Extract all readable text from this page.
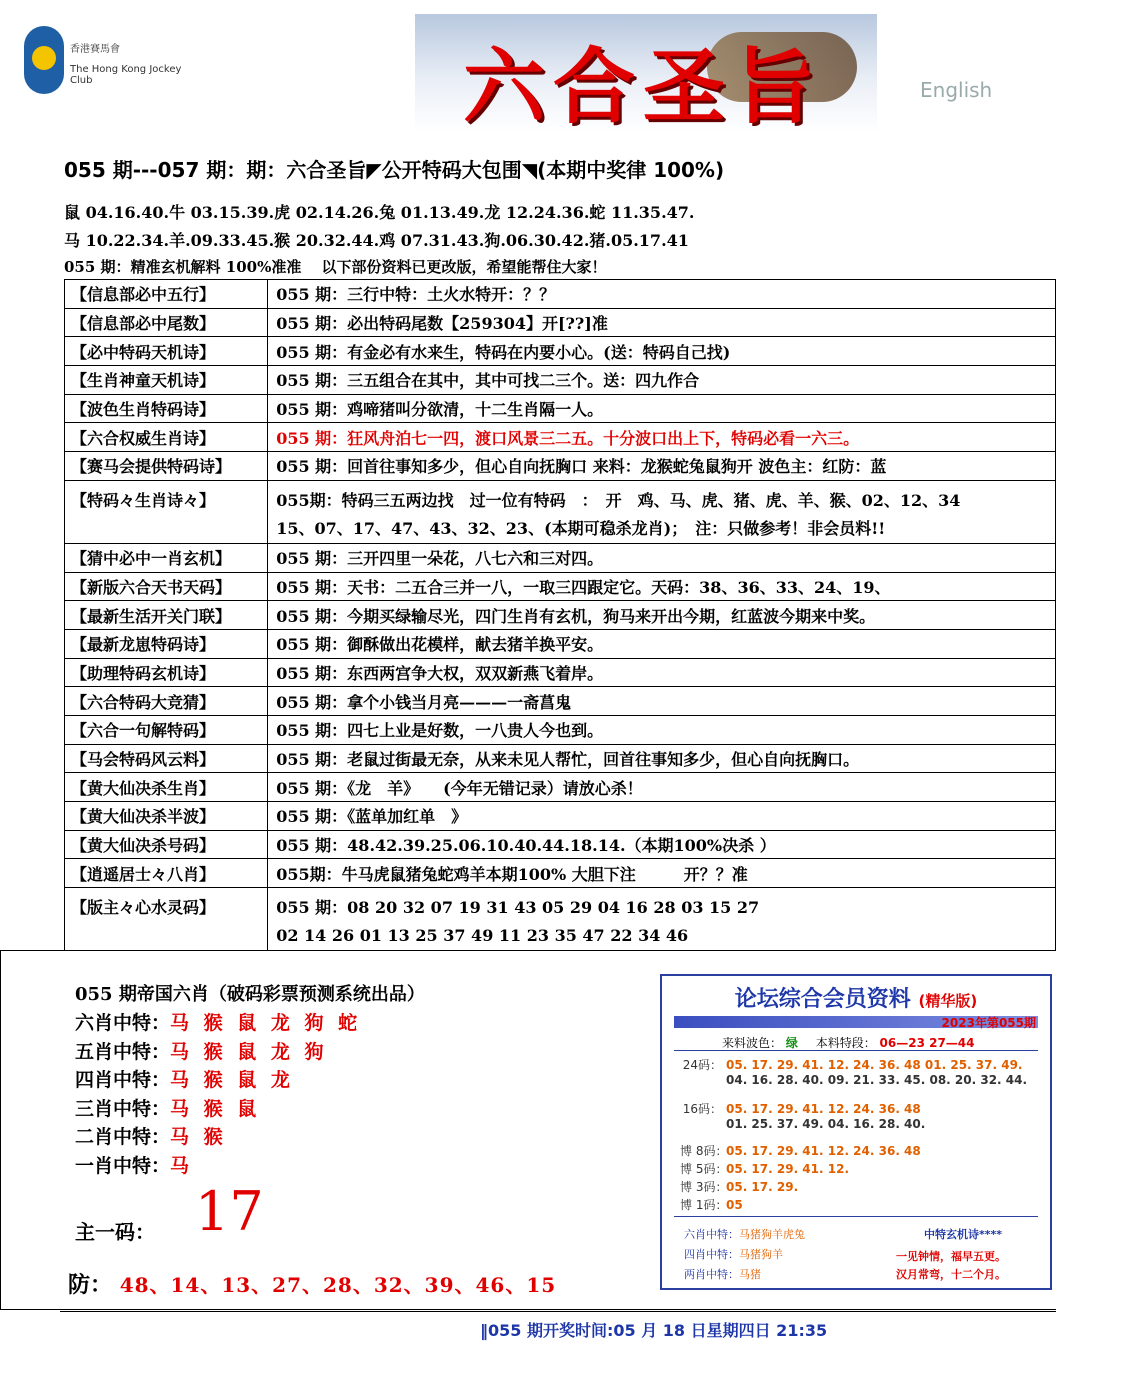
香港賽馬會
The Hong Kong Jockey Club	六合圣旨	English
055 期---057 期：期：六合圣旨◤公开特码大包围◥(本期中奖律 100%)
鼠 04.16.40.牛 03.15.39.虎 02.14.26.兔 01.13.49.龙 12.24.36.蛇 11.35.47.
马 10.22.34.羊.09.33.45.猴 20.32.44.鸡 07.31.43.狗.06.30.42.猪.05.17.41
055 期：精准玄机解料 100%准准　 以下部份资料已更改版，希望能帮住大家！
【信息部必中五行】	055 期：三行中特：土火水特开：？？

【信息部必中尾数】	055 期：必出特码尾数【259304】开[??]准

【必中特码天机诗】	055 期：有金必有水来生，特码在内要小心。(送：特码自己找)

【生肖神童天机诗】	055 期：三五组合在其中，其中可找二三个。送：四九作合

【波色生肖特码诗】	055 期：鸡啼猪叫分欲清，十二生肖隔一人。

【六合权威生肖诗】	055 期：狂风舟泊七一四，渡口风景三二五。十分波口出上下，特码必看一六三。

【赛马会提供特码诗】	055 期：回首往事知多少，但心自向抚胸口 来料：龙猴蛇兔鼠狗开 波色主：红防：蓝

【特码々生肖诗々】	055期：特码三五两边找　过一位有特码　：　开　鸡、马、虎、猪、虎、羊、猴、02、12、34
15、07、17、47、43、32、23、(本期可稳杀龙肖)；　注：只做参考！非会员料!!

【猜中必中一肖玄机】	055 期：三开四里一朵花，八七六和三对四。

【新版六合天书天码】	055 期：天书：二五合三并一八，一取三四跟定它。天码：38、36、33、24、19、

【最新生活开关门联】	055 期：今期买绿输尽光，四门生肖有玄机，狗马来开出今期，红蓝波今期来中奖。

【最新龙崽特码诗】	055 期：御酥做出花模样，献去猪羊换平安。

【助理特码玄机诗】	055 期：东西两宫争大权，双双新燕飞着岸。

【六合特码大竞猜】	055 期：拿个小钱当月亮———一斋菖鬼

【六合一句解特码】	055 期：四七上业是好数，一八贵人今也到。

【马会特码风云料】	055 期：老鼠过街最无奈，从来未见人帮忙，回首往事知多少，但心自向抚胸口。

【黄大仙决杀生肖】	055 期：《龙　羊》　　(今年无错记录）请放心杀！

【黄大仙决杀半波】	055 期：《蓝单加红单　》

【黄大仙决杀号码】	055 期：48.42.39.25.06.10.40.44.18.14.（本期100%决杀 ）

【逍遥居士々八肖】	055期：牛马虎鼠猪兔蛇鸡羊本期100% 大胆下注　　　开？？准

【版主々心水灵码】	055 期：08 20 32 07 19 31 43 05 29 04 16 28 03 15 27
02 14 26 01 13 25 37 49 11 23 35 47 22 34 46
055 期帝国六肖（破码彩票预测系统出品）
六肖中特：马 猴 鼠 龙 狗 蛇
五肖中特：马 猴 鼠 龙 狗
四肖中特：马 猴 鼠 龙
三肖中特：马 猴 鼠
二肖中特：马 猴
一肖中特：马
主一码： 17
防： 48、14、13、27、28、32、39、46、15
论坛综合会员资料 (精华版)
2023年第055期
来料波色： 绿 本料特段： 06—23 27—44
24码： 05. 17. 29. 41. 12. 24. 36. 48 01. 25. 37. 49.
04. 16. 28. 40. 09. 21. 33. 45. 08. 20. 32. 44.
16码： 05. 17. 29. 41. 12. 24. 36. 48
01. 25. 37. 49. 04. 16. 28. 40.
博 8码：05. 17. 29. 41. 12. 24. 36. 48
博 5码：05. 17. 29. 41. 12.
博 3码：05. 17. 29.
博 1码：05
六肖中特：马猪狗羊虎兔
四肖中特：马猪狗羊
两肖中特：马猪
中特玄机诗****
一见钟情，福早五更。
汉月常弯，十二个月。
‖055 期开奖时间:05 月 18 日星期四日 21:35
